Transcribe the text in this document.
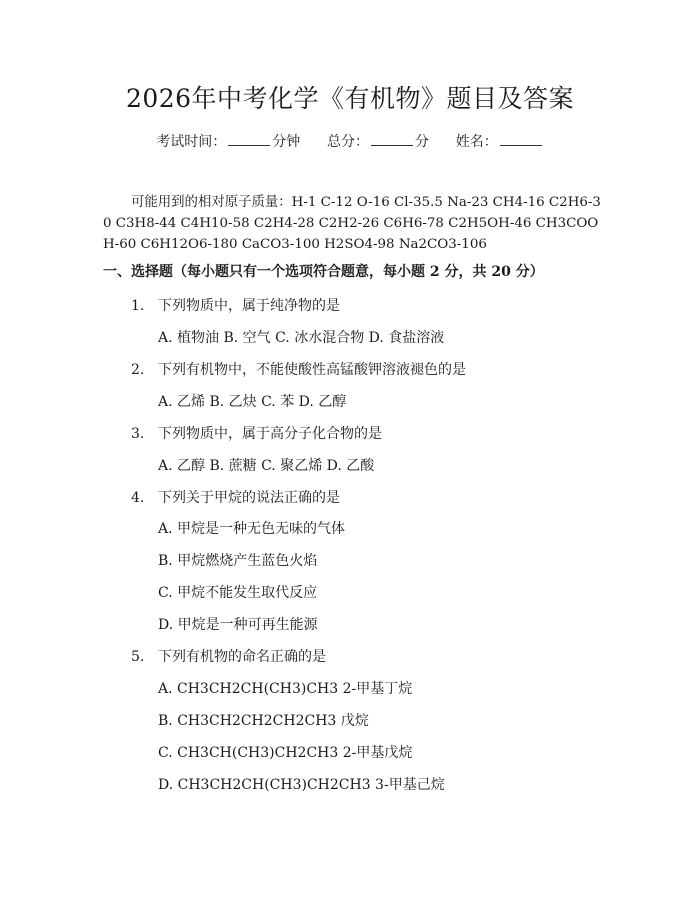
2026年中考化学《有机物》题目及答案
考试时间：	分钟 总分：	分 姓名：
可能用到的相对原子质量：H-1 C-12 O-16 Cl-35.5 Na-23 CH4-16 C2H6-30 C3H8-44 C4H10-58 C2H4-28 C2H2-26 C6H6-78 C2H5OH-46 CH3COOH-60 C6H12O6-180 CaCO3-100 H2SO4-98 Na2CO3-106
一、选择题（每小题只有一个选项符合题意，每小题 2 分，共 20 分）
1. 下列物质中，属于纯净物的是
A. 植物油 B. 空气 C. 冰水混合物 D. 食盐溶液
2. 下列有机物中，不能使酸性高锰酸钾溶液褪色的是
A. 乙烯 B. 乙炔 C. 苯 D. 乙醇
3. 下列物质中，属于高分子化合物的是
A. 乙醇 B. 蔗糖 C. 聚乙烯 D. 乙酸
4. 下列关于甲烷的说法正确的是
A. 甲烷是一种无色无味的气体
B. 甲烷燃烧产生蓝色火焰
C. 甲烷不能发生取代反应
D. 甲烷是一种可再生能源
5. 下列有机物的命名正确的是
A. CH3CH2CH(CH3)CH3 2-甲基丁烷
B. CH3CH2CH2CH2CH3 戊烷
C. CH3CH(CH3)CH2CH3 2-甲基戊烷
D. CH3CH2CH(CH3)CH2CH3 3-甲基己烷
